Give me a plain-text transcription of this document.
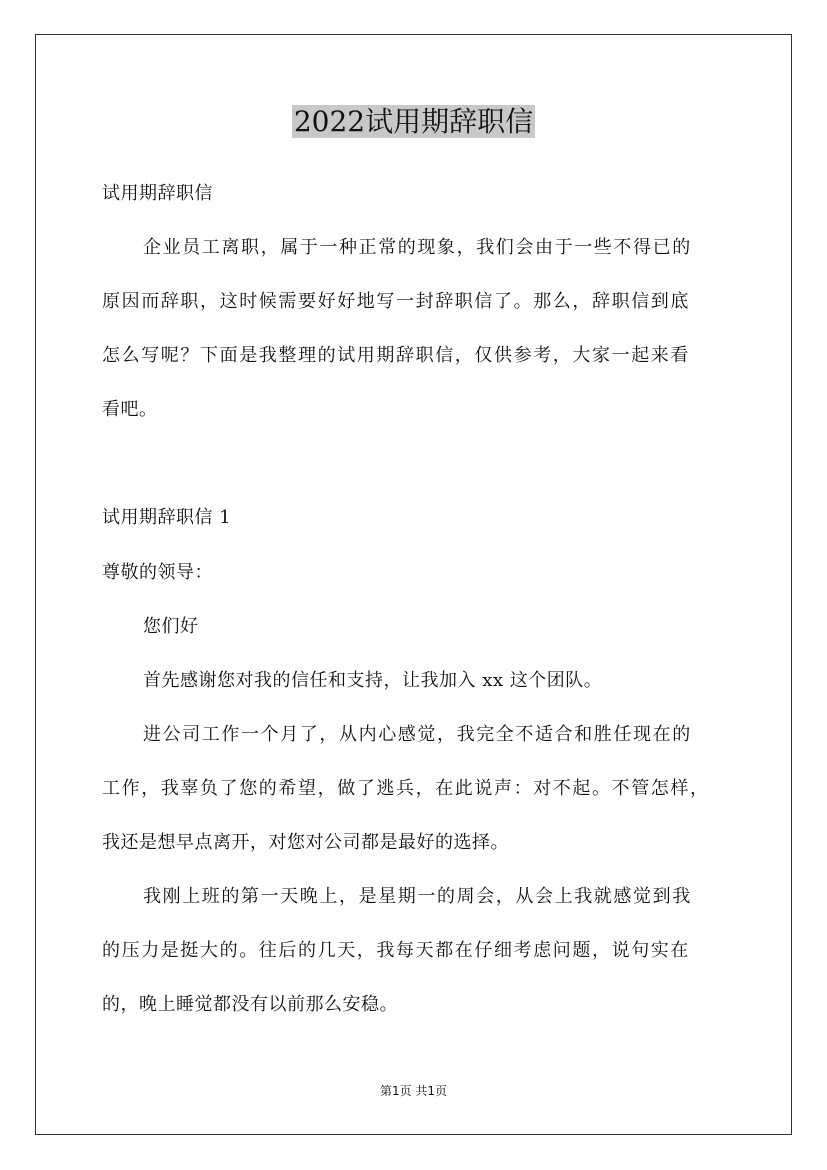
2022试用期辞职信
试用期辞职信
企业员工离职，属于一种正常的现象，我们会由于一些不得已的
原因而辞职，这时候需要好好地写一封辞职信了。那么，辞职信到底
怎么写呢？下面是我整理的试用期辞职信，仅供参考，大家一起来看
看吧。
试用期辞职信 1
尊敬的领导：
您们好
首先感谢您对我的信任和支持，让我加入 xx 这个团队。
进公司工作一个月了，从内心感觉，我完全不适合和胜任现在的
工作，我辜负了您的希望，做了逃兵，在此说声：对不起。不管怎样，
我还是想早点离开，对您对公司都是最好的选择。
我刚上班的第一天晚上，是星期一的周会，从会上我就感觉到我
的压力是挺大的。往后的几天，我每天都在仔细考虑问题，说句实在
的，晚上睡觉都没有以前那么安稳。
第1页 共1页
